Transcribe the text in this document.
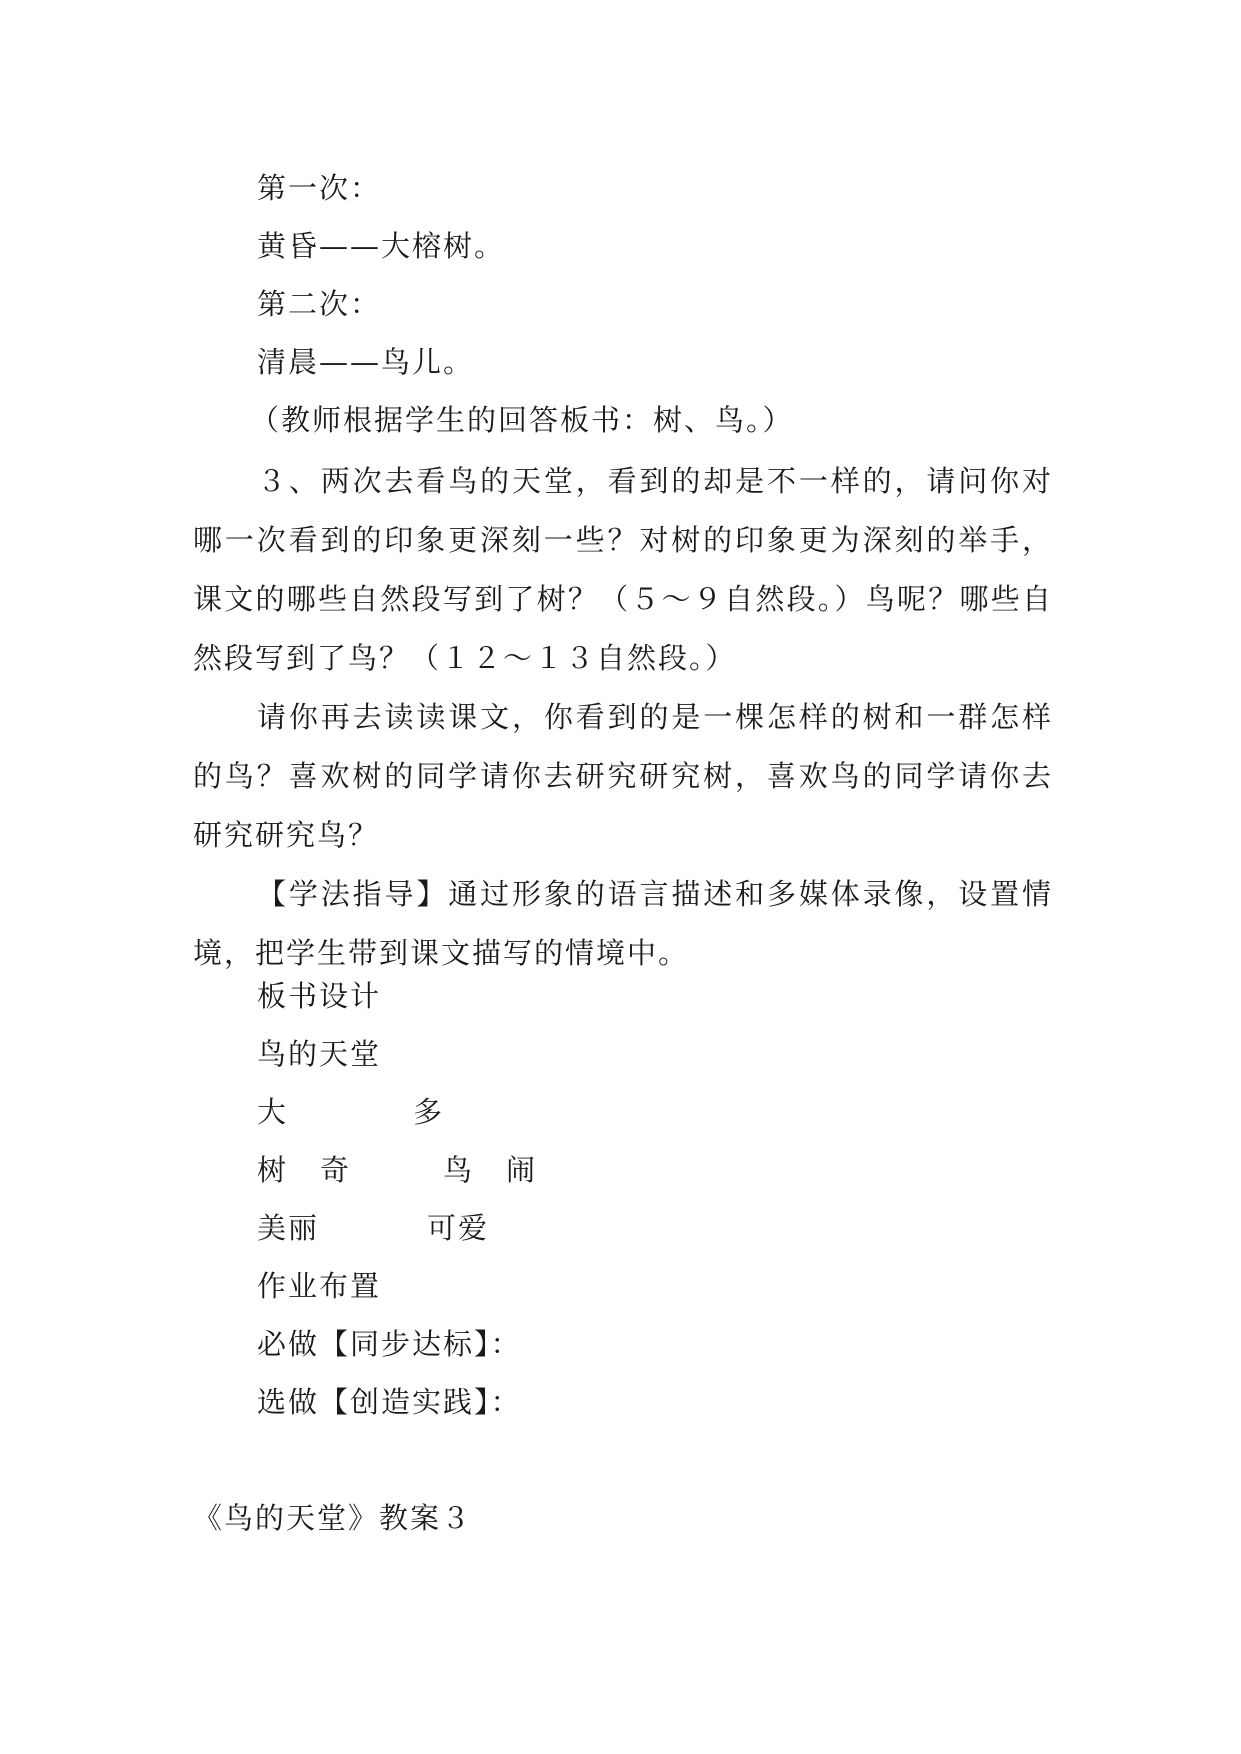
第一次：
黄昏——大榕树。
第二次：
清晨——鸟儿。
（教师根据学生的回答板书：树、鸟。）
３、两次去看鸟的天堂，看到的却是不一样的，请问你对哪一次看到的印象更深刻一些？对树的印象更为深刻的举手，课文的哪些自然段写到了树？（５～９自然段。）鸟呢？哪些自然段写到了鸟？（１２～１３自然段。）
请你再去读读课文，你看到的是一棵怎样的树和一群怎样的鸟？喜欢树的同学请你去研究研究树，喜欢鸟的同学请你去研究研究鸟？
【学法指导】通过形象的语言描述和多媒体录像，设置情境，把学生带到课文描写的情境中。
板书设计
鸟的天堂
大	多
树 奇	鸟 闹
美丽	可爱
作业布置
必做【同步达标】：
选做【创造实践】：
《鸟的天堂》教案３
